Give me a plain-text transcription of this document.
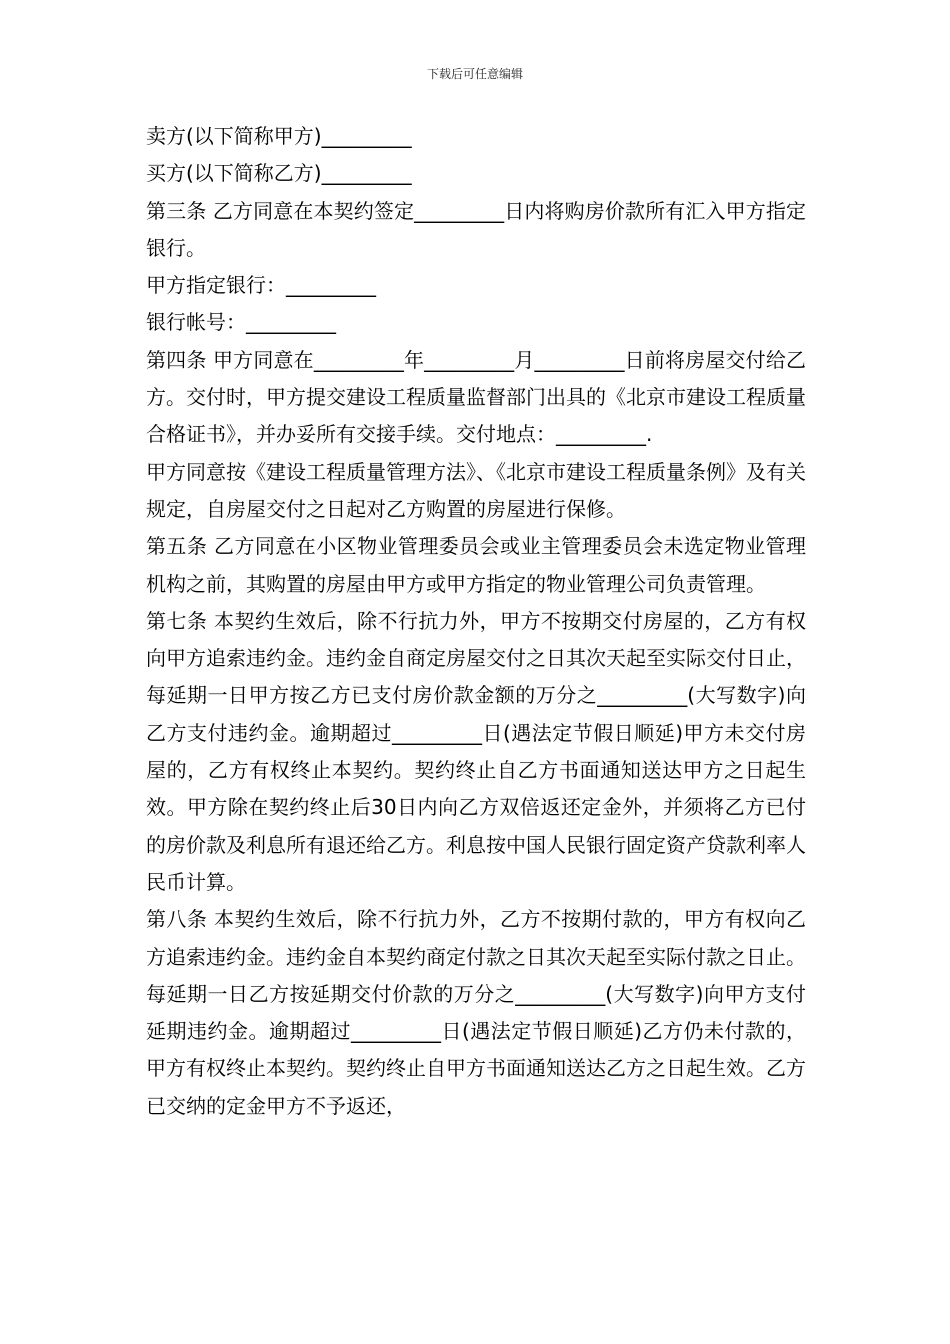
下载后可任意编辑

卖方(以下简称甲方)_________

买方(以下简称乙方)_________

第三条 乙方同意在本契约签定_________日内将购房价款所有汇入甲方指定银行。

甲方指定银行：_________

银行帐号：_________

第四条 甲方同意在_________年_________月_________日前将房屋交付给乙方。交付时，甲方提交建设工程质量监督部门出具的《北京市建设工程质量合格证书》，并办妥所有交接手续。交付地点：_________.

甲方同意按《建设工程质量管理方法》、《北京市建设工程质量条例》及有关规定，自房屋交付之日起对乙方购置的房屋进行保修。

第五条 乙方同意在小区物业管理委员会或业主管理委员会未选定物业管理机构之前，其购置的房屋由甲方或甲方指定的物业管理公司负责管理。

第七条 本契约生效后，除不行抗力外，甲方不按期交付房屋的，乙方有权向甲方追索违约金。违约金自商定房屋交付之日其次天起至实际交付日止，每延期一日甲方按乙方已支付房价款金额的万分之_________(大写数字)向乙方支付违约金。逾期超过_________日(遇法定节假日顺延)甲方未交付房屋的，乙方有权终止本契约。契约终止自乙方书面通知送达甲方之日起生效。甲方除在契约终止后30日内向乙方双倍返还定金外，并须将乙方已付的房价款及利息所有退还给乙方。利息按中国人民银行固定资产贷款利率人民币计算。

第八条 本契约生效后，除不行抗力外，乙方不按期付款的，甲方有权向乙方追索违约金。违约金自本契约商定付款之日其次天起至实际付款之日止。每延期一日乙方按延期交付价款的万分之_________(大写数字)向甲方支付延期违约金。逾期超过_________日(遇法定节假日顺延)乙方仍未付款的，甲方有权终止本契约。契约终止自甲方书面通知送达乙方之日起生效。乙方已交纳的定金甲方不予返还，
